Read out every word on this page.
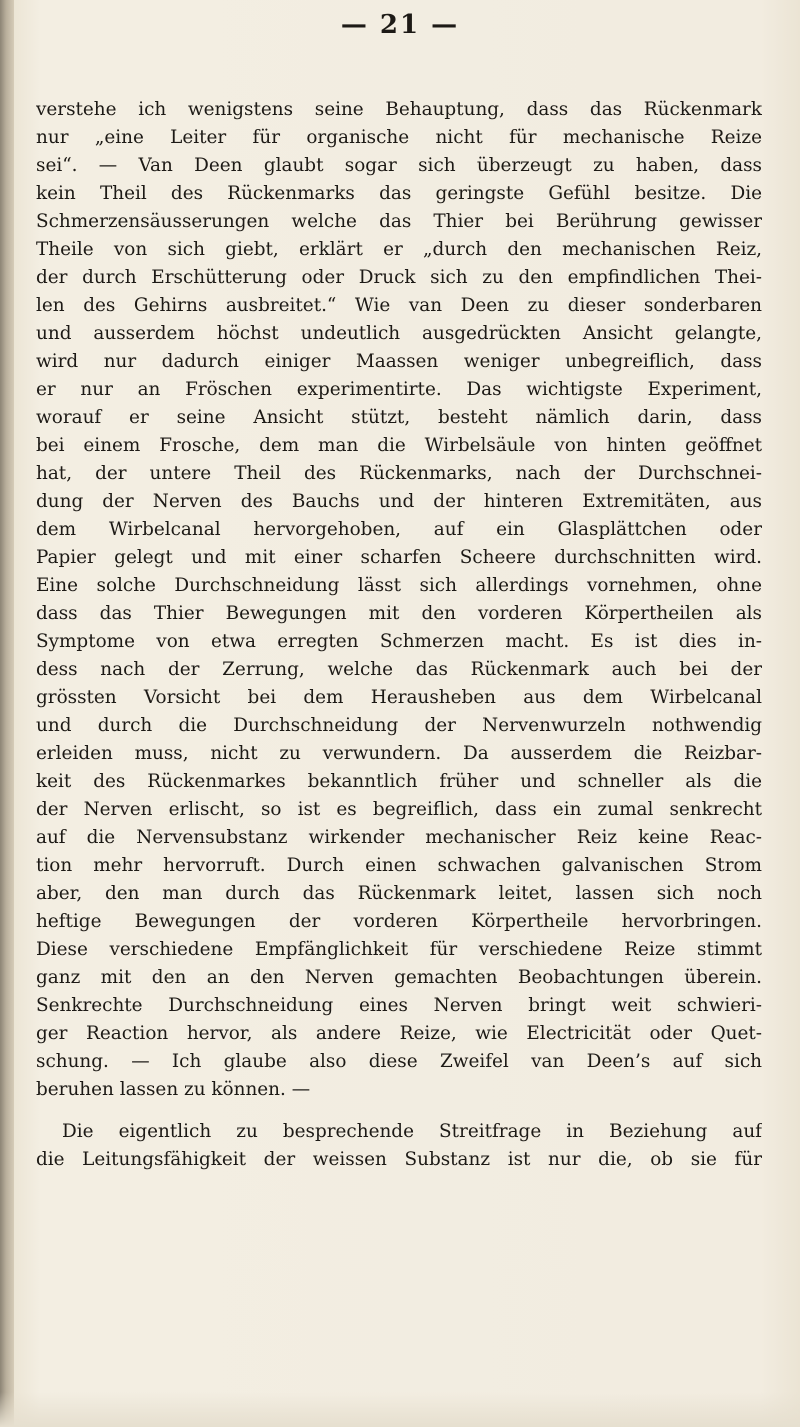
— 21 —
verstehe ich wenigstens seine Behauptung, dass das Rückenmark
nur „eine Leiter für organische nicht für mechanische Reize
sei“. — Van Deen glaubt sogar sich überzeugt zu haben, dass
kein Theil des Rückenmarks das geringste Gefühl besitze. Die
Schmerzensäusserungen welche das Thier bei Berührung gewisser
Theile von sich giebt, erklärt er „durch den mechanischen Reiz,
der durch Erschütterung oder Druck sich zu den empfindlichen Thei-
len des Gehirns ausbreitet.“ Wie van Deen zu dieser sonderbaren
und ausserdem höchst undeutlich ausgedrückten Ansicht gelangte,
wird nur dadurch einiger Maassen weniger unbegreiflich, dass
er nur an Fröschen experimentirte. Das wichtigste Experiment,
worauf er seine Ansicht stützt, besteht nämlich darin, dass
bei einem Frosche, dem man die Wirbelsäule von hinten geöffnet
hat, der untere Theil des Rückenmarks, nach der Durchschnei-
dung der Nerven des Bauchs und der hinteren Extremitäten, aus
dem Wirbelcanal hervorgehoben, auf ein Glasplättchen oder
Papier gelegt und mit einer scharfen Scheere durchschnitten wird.
Eine solche Durchschneidung lässt sich allerdings vornehmen, ohne
dass das Thier Bewegungen mit den vorderen Körpertheilen als
Symptome von etwa erregten Schmerzen macht. Es ist dies in-
dess nach der Zerrung, welche das Rückenmark auch bei der
grössten Vorsicht bei dem Herausheben aus dem Wirbelcanal
und durch die Durchschneidung der Nervenwurzeln nothwendig
erleiden muss, nicht zu verwundern. Da ausserdem die Reizbar-
keit des Rückenmarkes bekanntlich früher und schneller als die
der Nerven erlischt, so ist es begreiflich, dass ein zumal senkrecht
auf die Nervensubstanz wirkender mechanischer Reiz keine Reac-
tion mehr hervorruft. Durch einen schwachen galvanischen Strom
aber, den man durch das Rückenmark leitet, lassen sich noch
heftige Bewegungen der vorderen Körpertheile hervorbringen.
Diese verschiedene Empfänglichkeit für verschiedene Reize stimmt
ganz mit den an den Nerven gemachten Beobachtungen überein.
Senkrechte Durchschneidung eines Nerven bringt weit schwieri-
ger Reaction hervor, als andere Reize, wie Electricität oder Quet-
schung. — Ich glaube also diese Zweifel van Deen’s auf sich
beruhen lassen zu können. —
Die eigentlich zu besprechende Streitfrage in Beziehung auf
die Leitungsfähigkeit der weissen Substanz ist nur die, ob sie für
